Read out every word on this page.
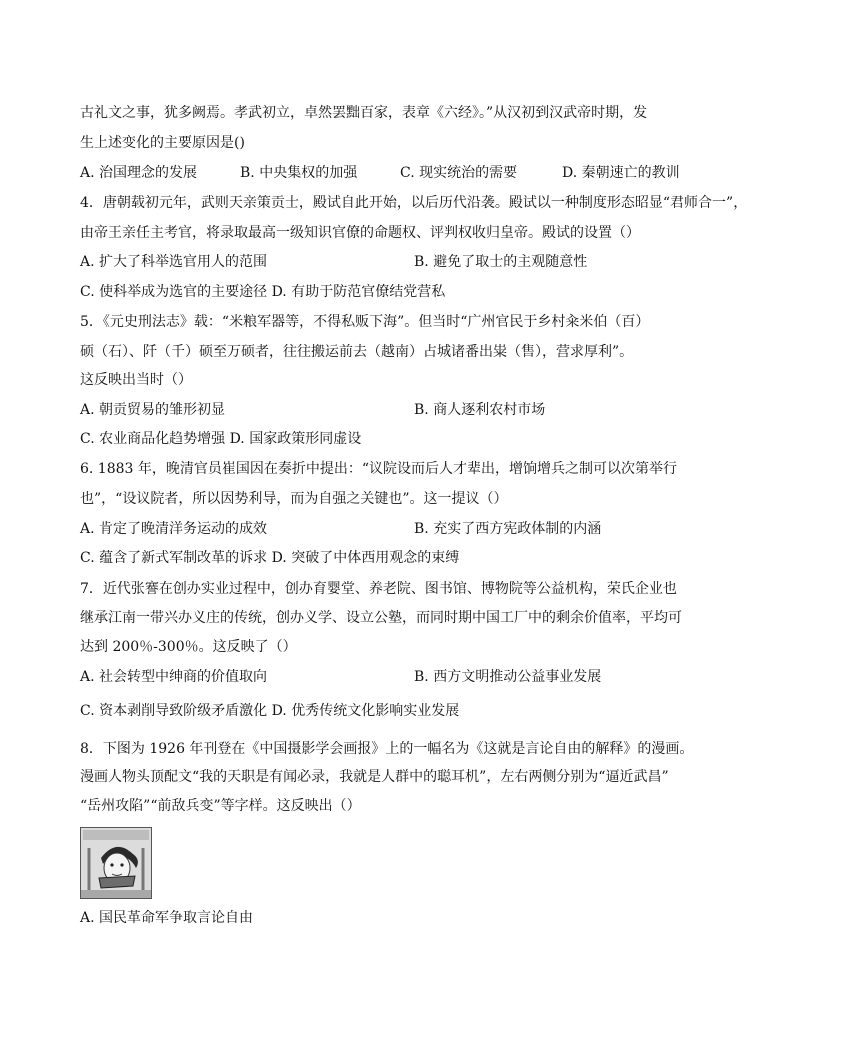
古礼文之事，犹多阙焉。孝武初立，卓然罢黜百家，表章《六经》。”从汉初到汉武帝时期，发
生上述变化的主要原因是()
A. 治国理念的发展	B. 中央集权的加强	C. 现实统治的需要	D. 秦朝速亡的教训
4．唐朝载初元年，武则天亲策贡士，殿试自此开始，以后历代沿袭。殿试以一种制度形态昭显“君师合一”，
由帝王亲任主考官，将录取最高一级知识官僚的命题权、评判权收归皇帝。殿试的设置（）
A. 扩大了科举选官用人的范围	B. 避免了取士的主观随意性
C. 使科举成为选官的主要途径 D. 有助于防范官僚结党营私
5．《元史刑法志》载：“米粮军器等，不得私贩下海”。但当时“广州官民于乡村籴米伯（百）
硕（石）、阡（千）硕至万硕者，往往搬运前去（越南）占城诸番出粜（售），营求厚利”。
这反映出当时（）
A. 朝贡贸易的雏形初显	B. 商人逐利农村市场
C. 农业商品化趋势增强 D. 国家政策形同虚设
6. 1883 年，晚清官员崔国因在奏折中提出：“议院设而后人才辈出，增饷增兵之制可以次第举行
也”，“设议院者，所以因势利导，而为自强之关键也”。这一提议（）
A. 肯定了晚清洋务运动的成效	B. 充实了西方宪政体制的内涵
C. 蕴含了新式军制改革的诉求 D. 突破了中体西用观念的束缚
7．近代张謇在创办实业过程中，创办育婴堂、养老院、图书馆、博物院等公益机构，荣氏企业也
继承江南一带兴办义庄的传统，创办义学、设立公塾，而同时期中国工厂中的剩余价值率，平均可
达到 200％-300％。这反映了（）
A. 社会转型中绅商的价值取向	B. 西方文明推动公益事业发展
C. 资本剥削导致阶级矛盾激化 D. 优秀传统文化影响实业发展
8．下图为 1926 年刊登在《中国摄影学会画报》上的一幅名为《这就是言论自由的解释》的漫画。
漫画人物头顶配文“我的天职是有闻必录，我就是人群中的聪耳机”，左右两侧分别为“逼近武昌”
“岳州攻陷”“前敌兵变”等字样。这反映出（）
A. 国民革命军争取言论自由
